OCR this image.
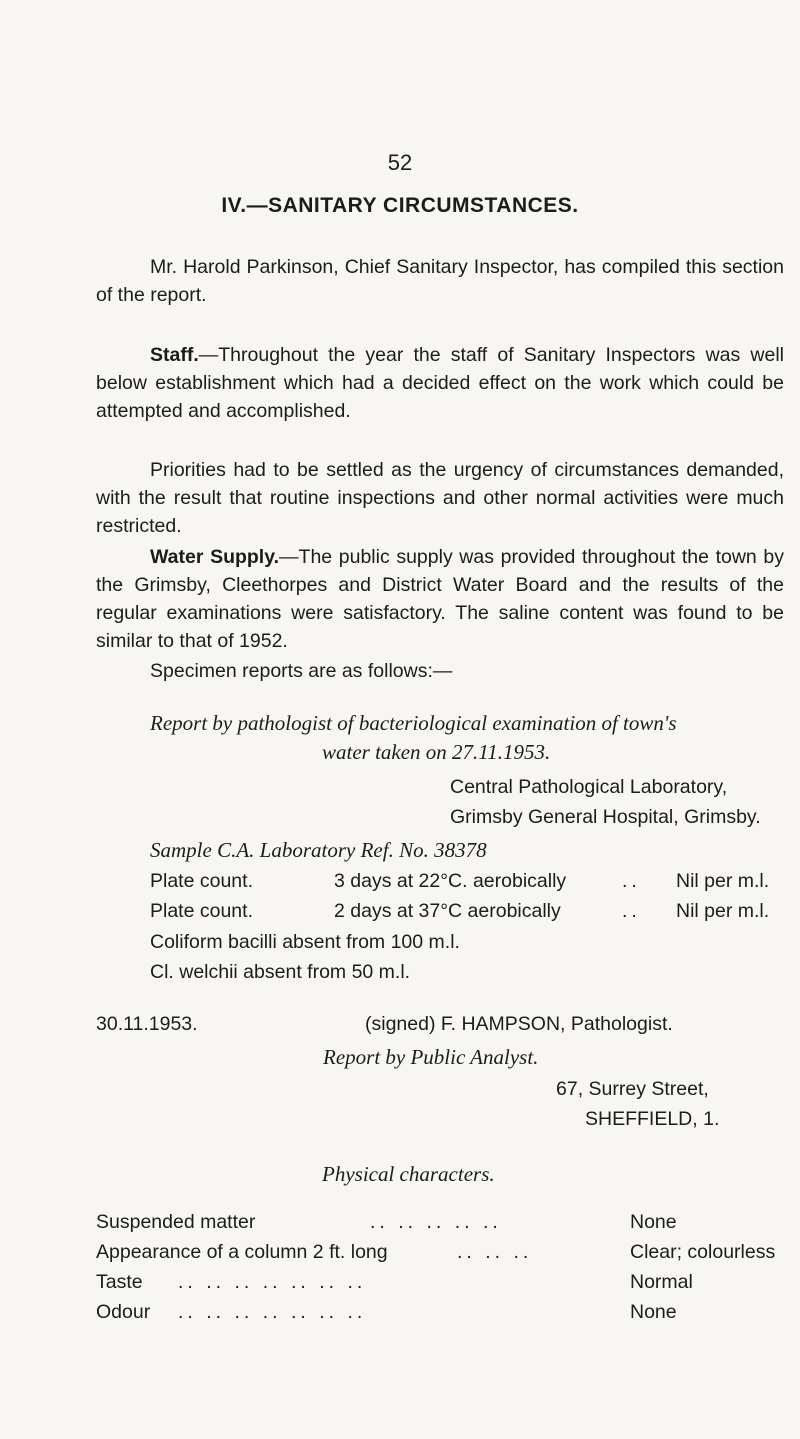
52
IV.—SANITARY CIRCUMSTANCES.

Mr. Harold Parkinson, Chief Sanitary Inspector, has compiled this section of the report.

Staff.—Throughout the year the staff of Sanitary Inspectors was well below establishment which had a decided effect on the work which could be attempted and accomplished.

Priorities had to be settled as the urgency of circumstances demanded, with the result that routine inspections and other normal activities were much restricted.

Water Supply.—The public supply was provided throughout the town by the Grimsby, Cleethorpes and District Water Board and the results of the regular examinations were satisfactory. The saline content was found to be similar to that of 1952.

Specimen reports are as follows:—
Report by pathologist of bacteriological examination of town's
water taken on 27.11.1953.
Central Pathological Laboratory,
Grimsby General Hospital, Grimsby.
Sample C.A. Laboratory Ref. No. 38378
Plate count.	3 days at 22°C. aerobically	.. Nil per m.l.
Plate count.	2 days at 37°C aerobically	.. Nil per m.l.
Coliform bacilli absent from 100 m.l.
Cl. welchii absent from 50 m.l.
30.11.1953.	(signed) F. HAMPSON, Pathologist.
Report by Public Analyst.
67, Surrey Street,
SHEFFIELD, 1.
Physical characters.
Suspended matter	.. .. .. .. ..	None
Appearance of a column 2 ft. long	.. .. ..	Clear; colourless
Taste .. .. .. .. .. .. ..	Normal
Odour .. .. .. .. .. .. ..	None
